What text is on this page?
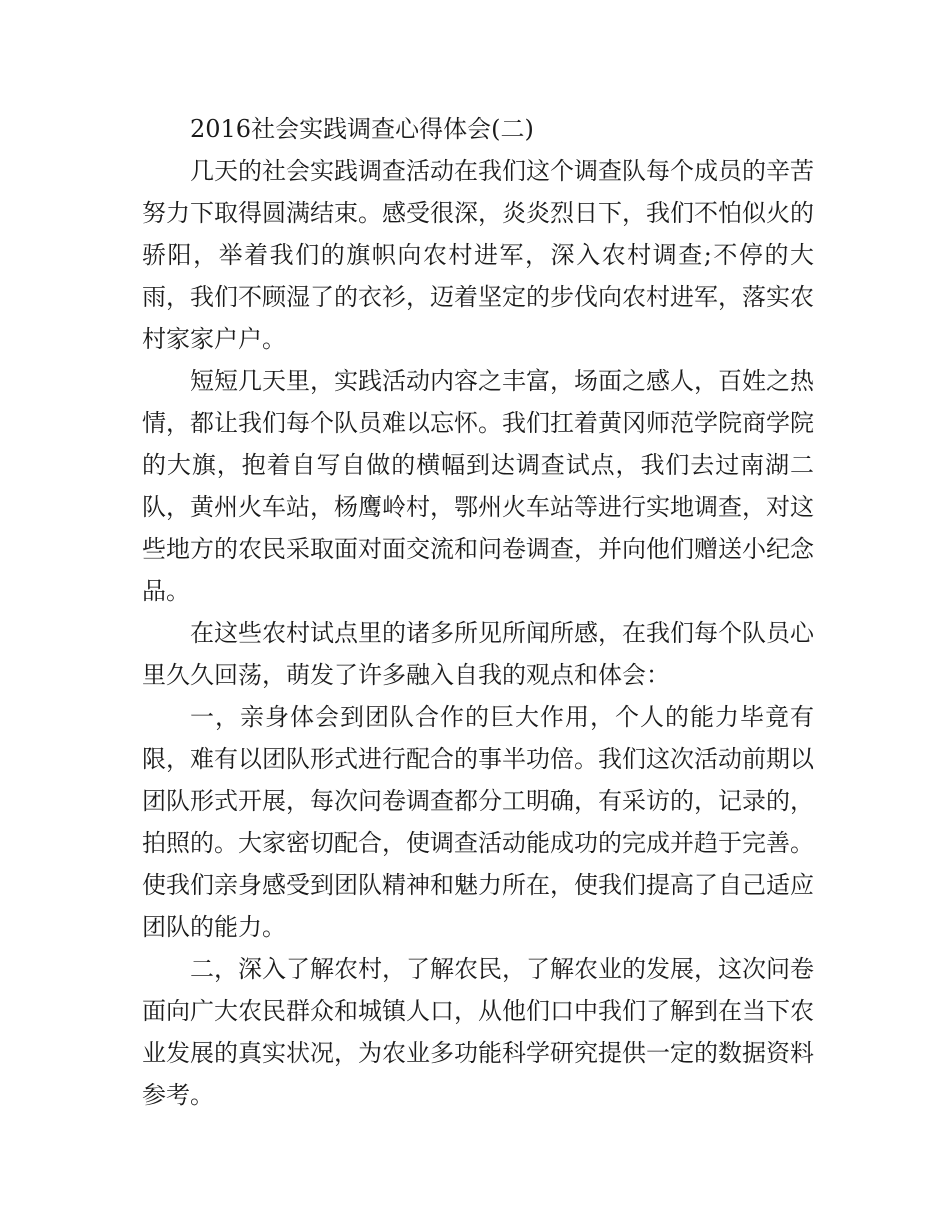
2016社会实践调查心得体会(二)

几天的社会实践调查活动在我们这个调查队每个成员的辛苦努力下取得圆满结束。感受很深，炎炎烈日下，我们不怕似火的骄阳，举着我们的旗帜向农村进军，深入农村调查;不停的大雨，我们不顾湿了的衣衫，迈着坚定的步伐向农村进军，落实农村家家户户。

短短几天里，实践活动内容之丰富，场面之感人，百姓之热情，都让我们每个队员难以忘怀。我们扛着黄冈师范学院商学院的大旗，抱着自写自做的横幅到达调查试点，我们去过南湖二队，黄州火车站，杨鹰岭村，鄂州火车站等进行实地调查，对这些地方的农民采取面对面交流和问卷调查，并向他们赠送小纪念品。

在这些农村试点里的诸多所见所闻所感，在我们每个队员心里久久回荡，萌发了许多融入自我的观点和体会：

一，亲身体会到团队合作的巨大作用，个人的能力毕竟有限，难有以团队形式进行配合的事半功倍。我们这次活动前期以团队形式开展，每次问卷调查都分工明确，有采访的，记录的，拍照的。大家密切配合，使调查活动能成功的完成并趋于完善。使我们亲身感受到团队精神和魅力所在，使我们提高了自己适应团队的能力。

二，深入了解农村，了解农民，了解农业的发展，这次问卷面向广大农民群众和城镇人口，从他们口中我们了解到在当下农业发展的真实状况，为农业多功能科学研究提供一定的数据资料参考。
